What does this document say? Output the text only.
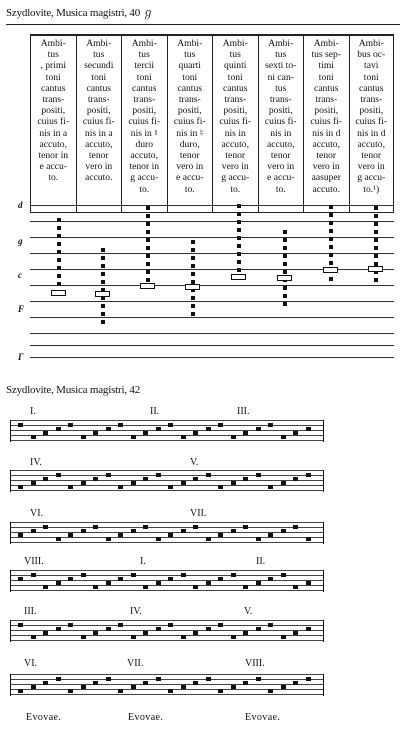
Szydlovite, Musica magistri, 40 ℊ
Ambi-
tus
, primi
toni
cantus
trans-
positi,
cuius fi-
nis in a
accuto,
tenor in
e accu-
to.
Ambi-
tus
secundi
toni
cantus
trans-
positi,
cuius fi-
nis in a
accuto,
tenor
vero in
accuto.
Ambi-
tus
tercii
toni
cantus
trans-
positi,
cuius fi-
nis in ♮
duro
accuto,
tenor in
g accu-
to.
Ambi-
tus
quarti
toni
cantus
trans-
positi,
cuius fi-
nis in ♮
duro,
tenor
vero in
e accu-
to.
Ambi-
tus
quinti
toni
cantus
trans-
positi,
cuius fi-
nis in
accuto,
tenor
vero in
g accu-
to.
Ambi-
tus
sexti to-
ni can-
tus
trans-
positi,
cuius fi-
nis in
accuto,
tenor
vero in
e accu-
to.
Ambi-
tus sep-
timi
toni
cantus
trans-
positi,
cuius fi-
nis in d
accuto,
tenor
vero in
aasuper
accuto.
Ambi-
bus oc-
tavi
toni
cantus
trans-
positi,
cuius fi-
nis in d
accuto,
tenor
vero in
g accu-
to.¹)
d
g
c
F
Γ
Szydlovite, Musica magistri, 42
I.	II.	III.
IV.	V.
VI.	VII.
VIII.	I.	II.
III.	IV.	V.
VI.	VII.	VIII.
Evovae.	Evovae.	Evovae.
